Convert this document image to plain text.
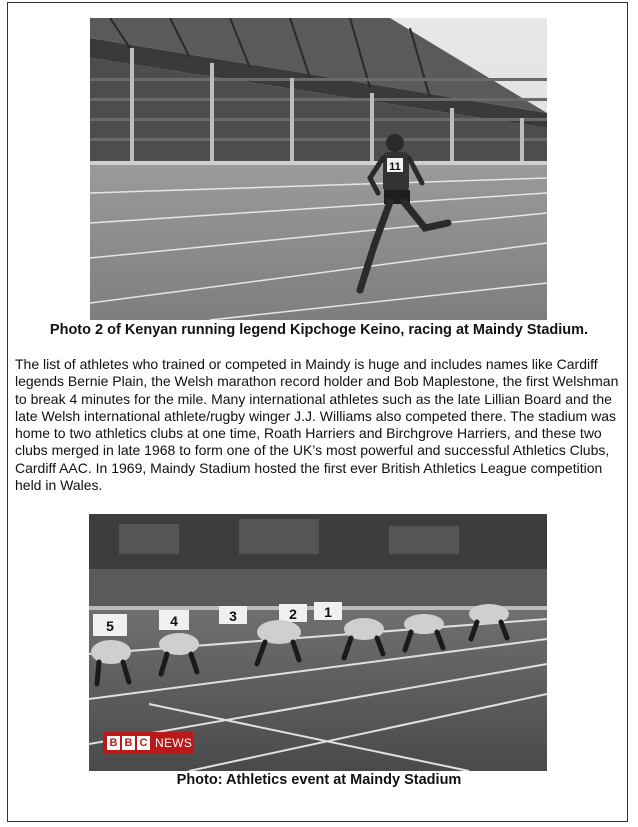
11
Photo 2 of Kenyan running legend Kipchoge Keino, racing at Maindy Stadium.

The list of athletes who trained or competed in Maindy is huge and includes names like Cardiff legends Bernie Plain, the Welsh marathon record holder and Bob Maplestone, the first Welshman to break 4 minutes for the mile. Many international athletes such as the late Lillian Board and the late Welsh international athlete/rugby winger J.J. Williams also competed there. The stadium was home to two athletics clubs at one time, Roath Harriers and Birchgrove Harriers, and these two clubs merged in late 1968 to form one of the UK’s most powerful and successful Athletics Clubs, Cardiff AAC. In 1969, Maindy Stadium hosted the first ever British Athletics League competition held in Wales.

5	4	3	2 1
B B C NEWS
Photo: Athletics event at Maindy Stadium
